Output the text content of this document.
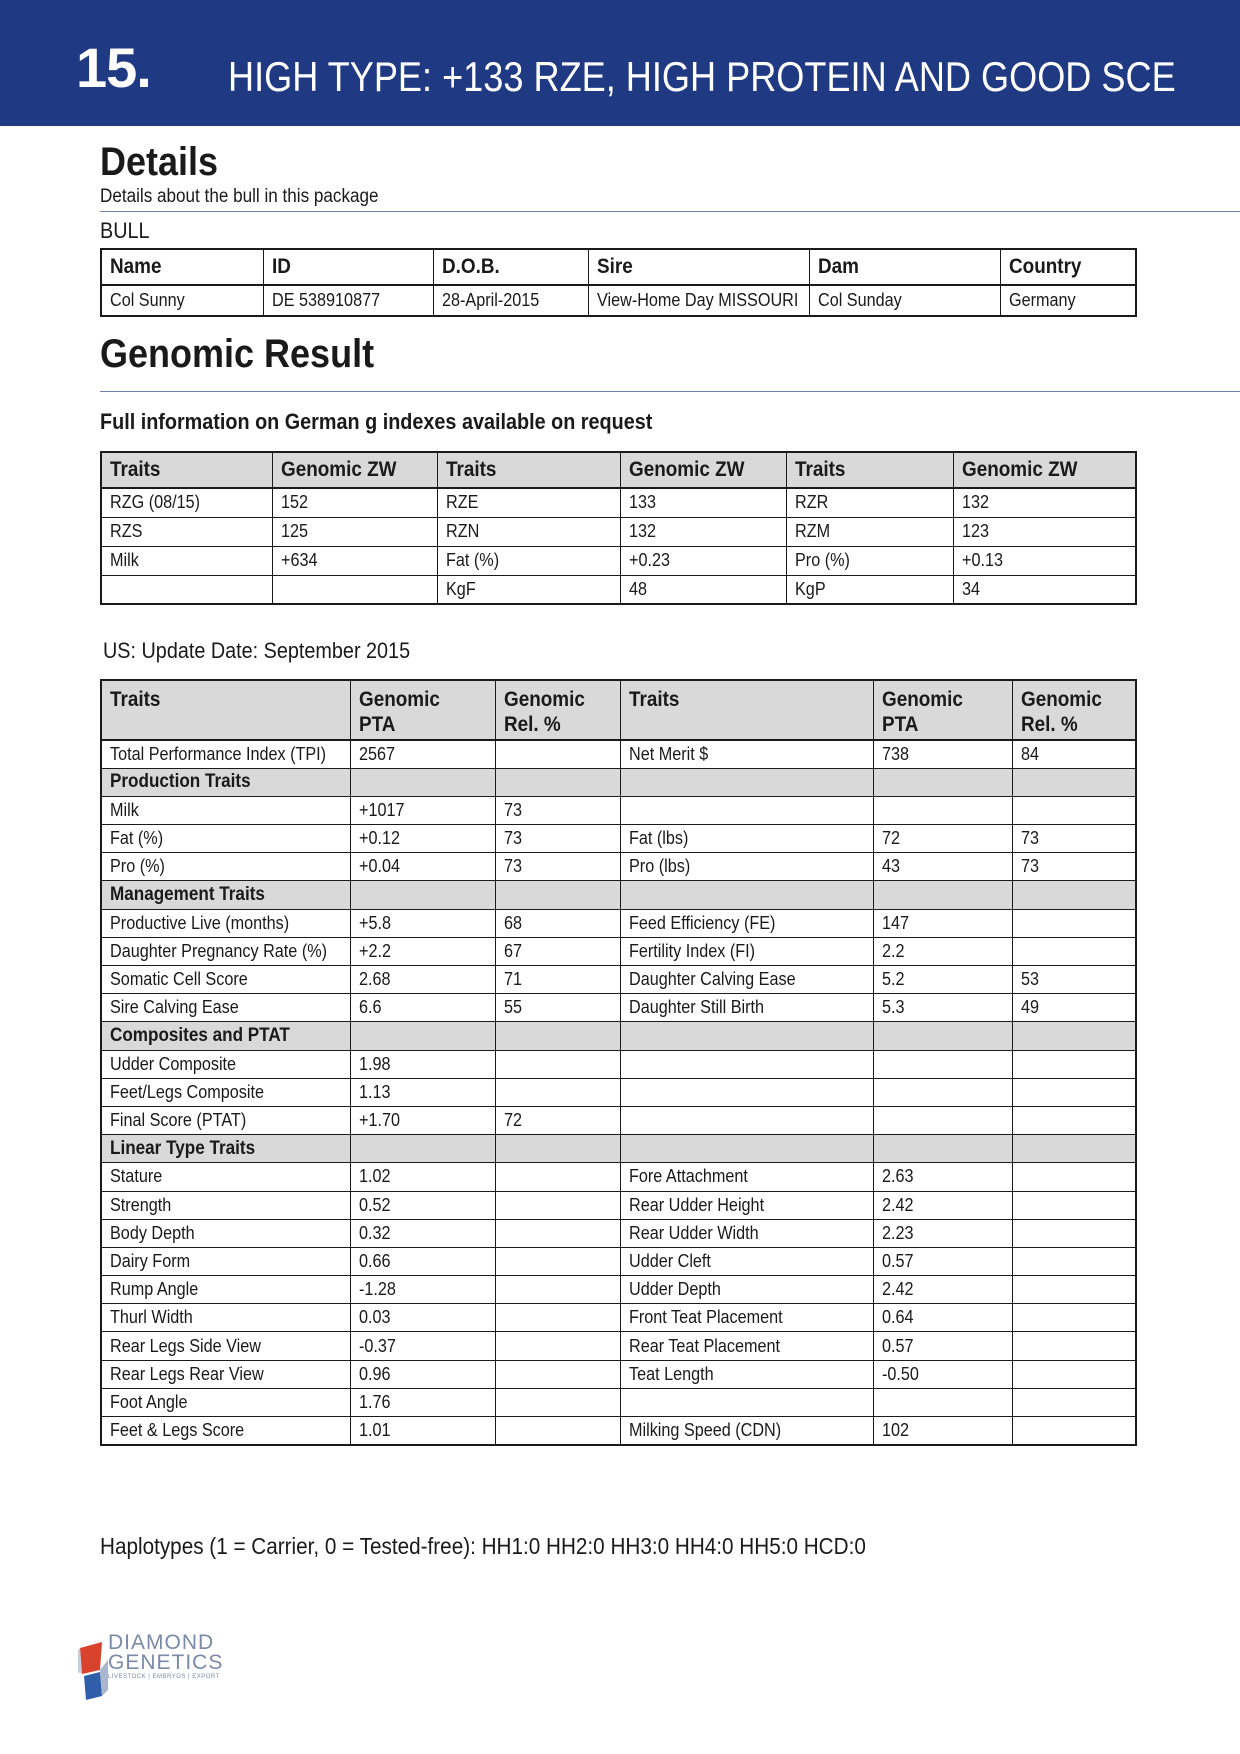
15. HIGH TYPE: +133 RZE, HIGH PROTEIN AND GOOD SCE
Details
Details about the bull in this package
BULL
Name	ID	D.O.B.	Sire	Dam	Country
Col Sunny	DE 538910877	28-April-2015	View-Home Day MISSOURI	Col Sunday	Germany
Genomic Result
Full information on German g indexes available on request
Traits	Genomic ZW	Traits	Genomic ZW	Traits	Genomic ZW
RZG (08/15)	152	RZE	133	RZR	132
RZS	125	RZN	132	RZM	123
Milk	+634	Fat (%)	+0.23	Pro (%)	+0.13
		KgF	48	KgP	34
US: Update Date: September 2015
Traits	Genomic PTA	Genomic Rel. %	Traits	Genomic PTA	Genomic Rel. %
Total Performance Index (TPI)	2567		Net Merit $	738	84
Production Traits					
Milk	+1017	73			
Fat (%)	+0.12	73	Fat (lbs)	72	73
Pro (%)	+0.04	73	Pro (lbs)	43	73
Management Traits					
Productive Live (months)	+5.8	68	Feed Efficiency (FE)	147	
Daughter Pregnancy Rate (%)	+2.2	67	Fertility Index (FI)	2.2	
Somatic Cell Score	2.68	71	Daughter Calving Ease	5.2	53
Sire Calving Ease	6.6	55	Daughter Still Birth	5.3	49
Composites and PTAT					
Udder Composite	1.98				
Feet/Legs Composite	1.13				
Final Score (PTAT)	+1.70	72			
Linear Type Traits					
Stature	1.02		Fore Attachment	2.63	
Strength	0.52		Rear Udder Height	2.42	
Body Depth	0.32		Rear Udder Width	2.23	
Dairy Form	0.66		Udder Cleft	0.57	
Rump Angle	-1.28		Udder Depth	2.42	
Thurl Width	0.03		Front Teat Placement	0.64	
Rear Legs Side View	-0.37		Rear Teat Placement	0.57	
Rear Legs Rear View	0.96		Teat Length	-0.50	
Foot Angle	1.76				
Feet & Legs Score	1.01		Milking Speed (CDN)	102	
Haplotypes (1 = Carrier, 0 = Tested-free): HH1:0 HH2:0 HH3:0 HH4:0 HH5:0 HCD:0
DIAMOND
GENETICS
LIVESTOCK | EMBRYOS | EXPORT
